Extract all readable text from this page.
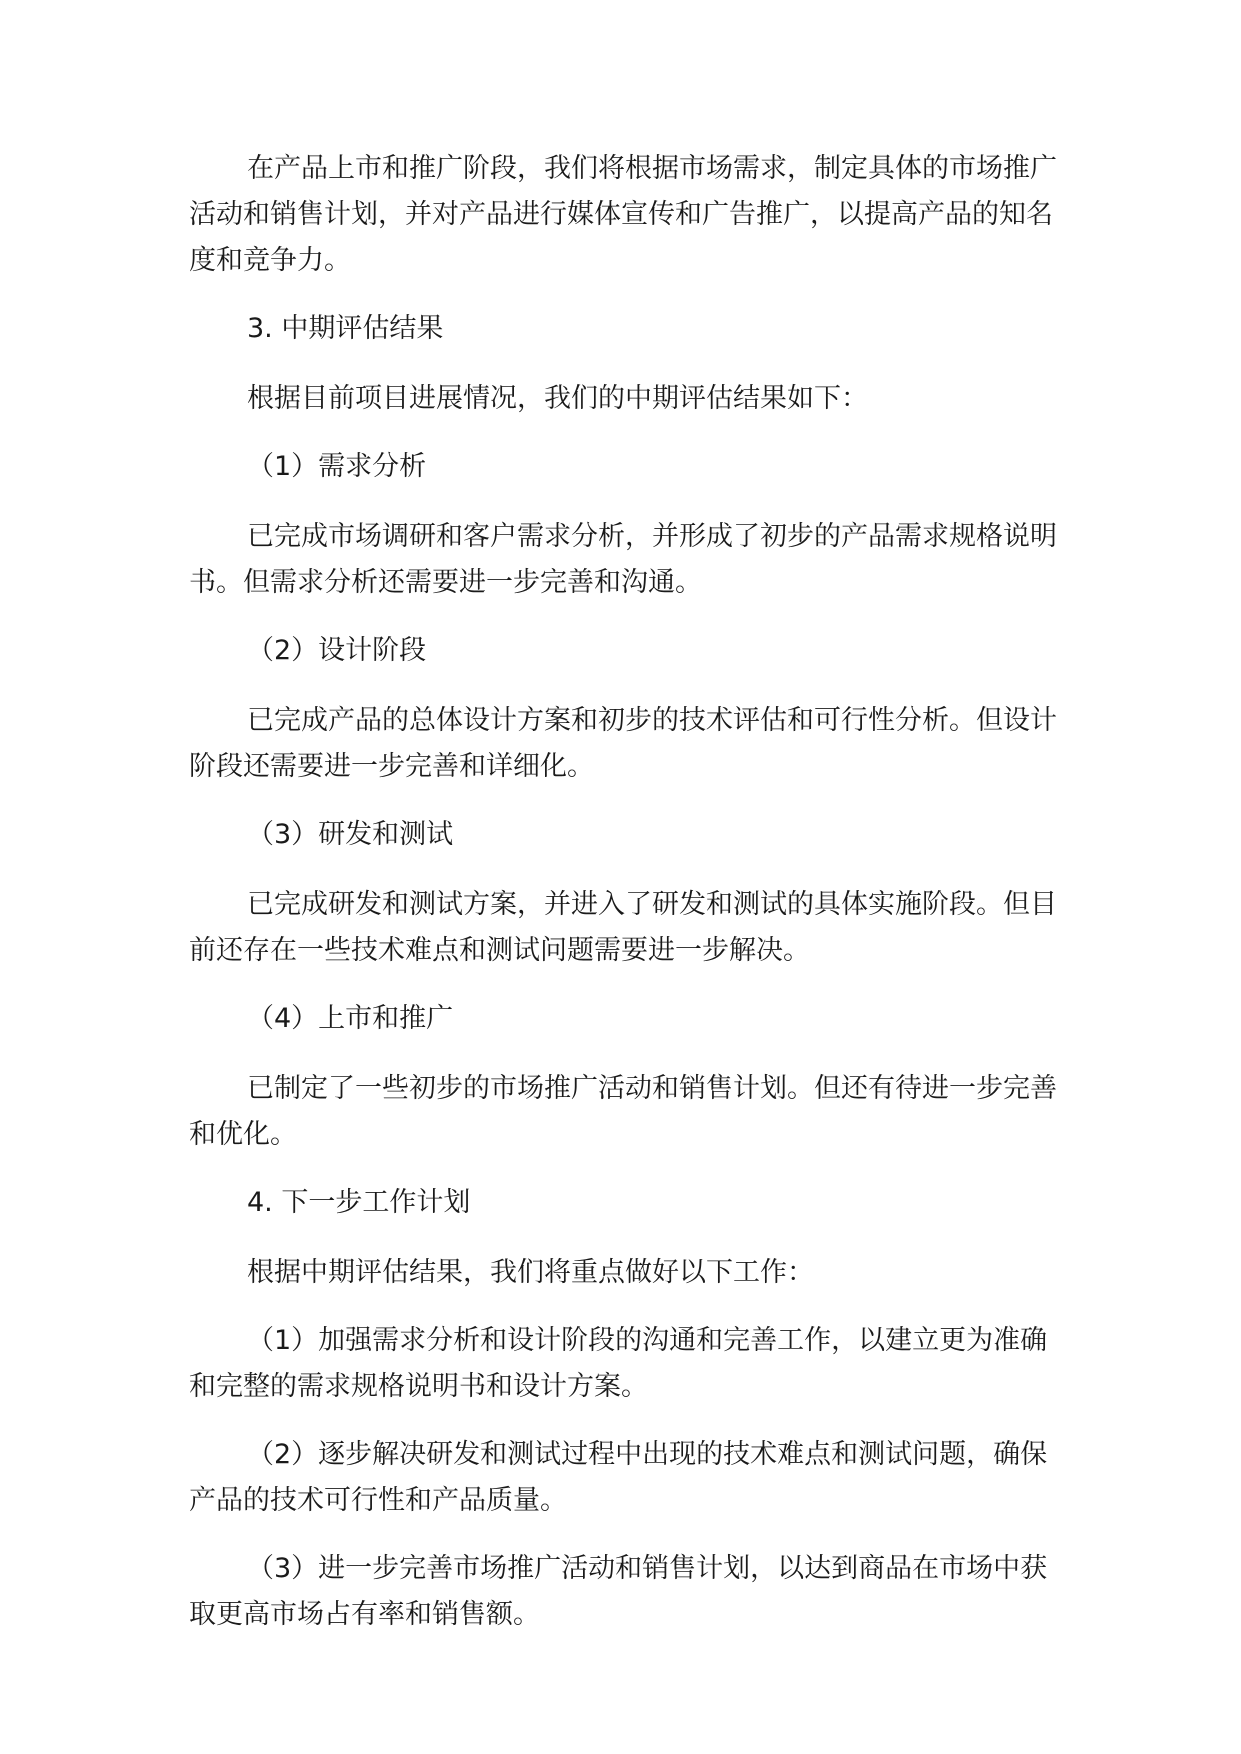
在产品上市和推广阶段，我们将根据市场需求，制定具体的市场推广活动和销售计划，并对产品进行媒体宣传和广告推广，以提高产品的知名度和竞争力。

3. 中期评估结果

根据目前项目进展情况，我们的中期评估结果如下：

（1）需求分析

已完成市场调研和客户需求分析，并形成了初步的产品需求规格说明书。但需求分析还需要进一步完善和沟通。

（2）设计阶段

已完成产品的总体设计方案和初步的技术评估和可行性分析。但设计阶段还需要进一步完善和详细化。

（3）研发和测试

已完成研发和测试方案，并进入了研发和测试的具体实施阶段。但目前还存在一些技术难点和测试问题需要进一步解决。

（4）上市和推广

已制定了一些初步的市场推广活动和销售计划。但还有待进一步完善和优化。

4. 下一步工作计划

根据中期评估结果，我们将重点做好以下工作：

（1）加强需求分析和设计阶段的沟通和完善工作，以建立更为准确和完整的需求规格说明书和设计方案。

（2）逐步解决研发和测试过程中出现的技术难点和测试问题，确保产品的技术可行性和产品质量。

（3）进一步完善市场推广活动和销售计划，以达到商品在市场中获取更高市场占有率和销售额。
